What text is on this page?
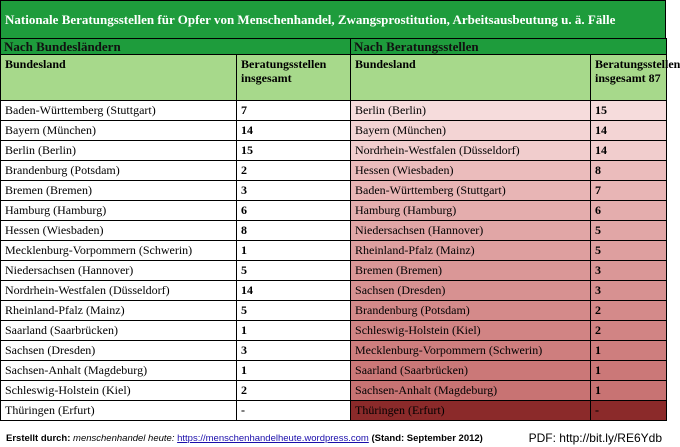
Nationale Beratungsstellen für Opfer von Menschenhandel, Zwangsprostitution, Arbeitsausbeutung u. ä. Fälle
Nach Bundesländern		Nach Beratungsstellen	
Bundesland	Beratungsstellen insgesamt	Bundesland	Beratungsstellen insgesamt 87
Baden-Württemberg (Stuttgart)	7	Berlin (Berlin)	15
Bayern (München)	14	Bayern (München)	14
Berlin (Berlin)	15	Nordrhein-Westfalen (Düsseldorf)	14
Brandenburg (Potsdam)	2	Hessen (Wiesbaden)	8
Bremen (Bremen)	3	Baden-Württemberg (Stuttgart)	7
Hamburg (Hamburg)	6	Hamburg (Hamburg)	6
Hessen (Wiesbaden)	8	Niedersachsen (Hannover)	5
Mecklenburg-Vorpommern (Schwerin)	1	Rheinland-Pfalz (Mainz)	5
Niedersachsen (Hannover)	5	Bremen (Bremen)	3
Nordrhein-Westfalen (Düsseldorf)	14	Sachsen (Dresden)	3
Rheinland-Pfalz (Mainz)	5	Brandenburg (Potsdam)	2
Saarland (Saarbrücken)	1	Schleswig-Holstein (Kiel)	2
Sachsen (Dresden)	3	Mecklenburg-Vorpommern (Schwerin)	1
Sachsen-Anhalt (Magdeburg)	1	Saarland (Saarbrücken)	1
Schleswig-Holstein (Kiel)	2	Sachsen-Anhalt (Magdeburg)	1
Thüringen (Erfurt)	-	Thüringen (Erfurt)	-
Erstellt durch: menschenhandel heute: https://menschenhandelheute.wordpress.com (Stand: September 2012)	PDF: http://bit.ly/RE6Ydb
